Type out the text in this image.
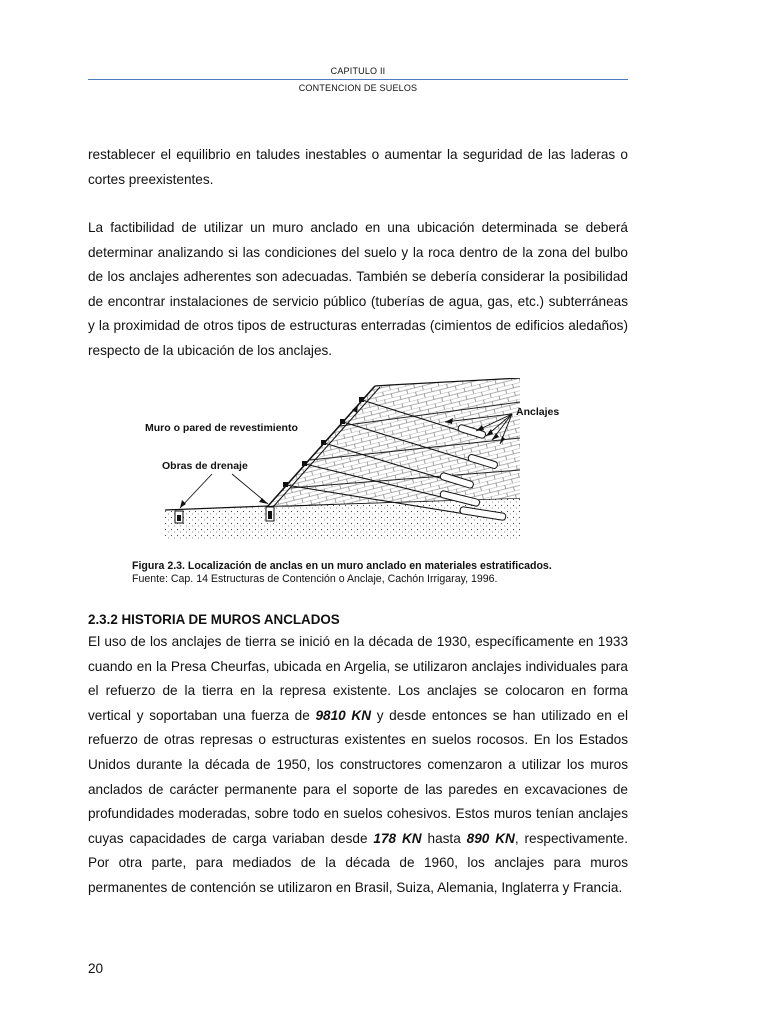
CAPITULO II
CONTENCION DE SUELOS

restablecer el equilibrio en taludes inestables o aumentar la seguridad de las laderas o cortes preexistentes.

La factibilidad de utilizar un muro anclado en una ubicación determinada se deberá determinar analizando si las condiciones del suelo y la roca dentro de la zona del bulbo de los anclajes adherentes son adecuadas. También se debería considerar la posibilidad de encontrar instalaciones de servicio público (tuberías de agua, gas, etc.) subterráneas y la proximidad de otros tipos de estructuras enterradas (cimientos de edificios aledaños) respecto de la ubicación de los anclajes.

Anclajes
Muro o pared de revestimiento
Obras de drenaje
Figura 2.3. Localización de anclas en un muro anclado en materiales estratificados.
Fuente: Cap. 14 Estructuras de Contención o Anclaje, Cachón Irrigaray, 1996.
2.3.2 HISTORIA DE MUROS ANCLADOS

El uso de los anclajes de tierra se inició en la década de 1930, específicamente en 1933 cuando en la Presa Cheurfas, ubicada en Argelia, se utilizaron anclajes individuales para el refuerzo de la tierra en la represa existente. Los anclajes se colocaron en forma vertical y soportaban una fuerza de 9810 KN y desde entonces se han utilizado en el refuerzo de otras represas o estructuras existentes en suelos rocosos. En los Estados Unidos durante la década de 1950, los constructores comenzaron a utilizar los muros anclados de carácter permanente para el soporte de las paredes en excavaciones de profundidades moderadas, sobre todo en suelos cohesivos. Estos muros tenían anclajes cuyas capacidades de carga variaban desde 178 KN hasta 890 KN, respectivamente. Por otra parte, para mediados de la década de 1960, los anclajes para muros permanentes de contención se utilizaron en Brasil, Suiza, Alemania, Inglaterra y Francia.

20
